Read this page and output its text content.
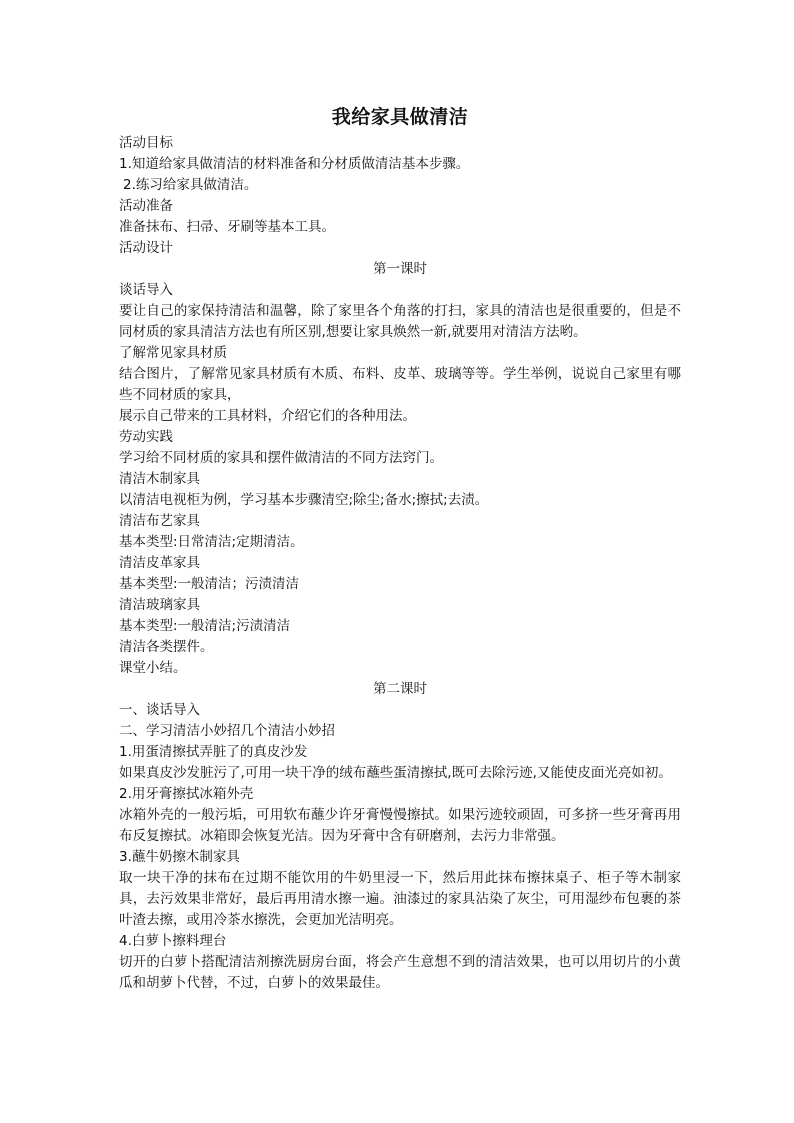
我给家具做清洁
活动目标
1.知道给家具做清洁的材料准备和分材质做清洁基本步骤。
2.练习给家具做清洁。
活动准备
准备抹布、扫帚、牙刷等基本工具。
活动设计
第一课时
谈话导入
要让自己的家保持清洁和温馨，除了家里各个角落的打扫，家具的清洁也是很重要的，但是不同材质的家具清洁方法也有所区别,想要让家具焕然一新,就要用对清洁方法哟。
了解常见家具材质
结合图片，了解常见家具材质有木质、布料、皮革、玻璃等等。学生举例，说说自己家里有哪些不同材质的家具，
展示自己带来的工具材料，介绍它们的各种用法。
劳动实践
学习给不同材质的家具和摆件做清洁的不同方法窍门。
清洁木制家具
以清洁电视柜为例，学习基本步骤清空;除尘;备水;擦拭;去渍。
清洁布艺家具
基本类型:日常清洁;定期清洁。
清洁皮革家具
基本类型:一般清洁；污渍清洁
清洁玻璃家具
基本类型:一般清洁;污渍清洁
清洁各类摆件。
课堂小结。
第二课时
一、谈话导入
二、学习清洁小妙招几个清洁小妙招
1.用蛋清擦拭弄脏了的真皮沙发
如果真皮沙发脏污了,可用一块干净的绒布蘸些蛋清擦拭,既可去除污迹,又能使皮面光亮如初。
2.用牙膏擦拭冰箱外壳
冰箱外壳的一般污垢，可用软布蘸少许牙膏慢慢擦拭。如果污迹较顽固，可多挤一些牙膏再用布反复擦拭。冰箱即会恢复光洁。因为牙膏中含有研磨剂，去污力非常强。
3.蘸牛奶擦木制家具
取一块干净的抹布在过期不能饮用的牛奶里浸一下，然后用此抹布擦抹桌子、柜子等木制家具，去污效果非常好，最后再用清水擦一遍。油漆过的家具沾染了灰尘，可用湿纱布包裹的茶叶渣去擦，或用冷茶水擦洗，会更加光洁明亮。
4.白萝卜擦料理台
切开的白萝卜搭配清洁剂擦洗厨房台面，将会产生意想不到的清洁效果，也可以用切片的小黄瓜和胡萝卜代替，不过，白萝卜的效果最佳。
